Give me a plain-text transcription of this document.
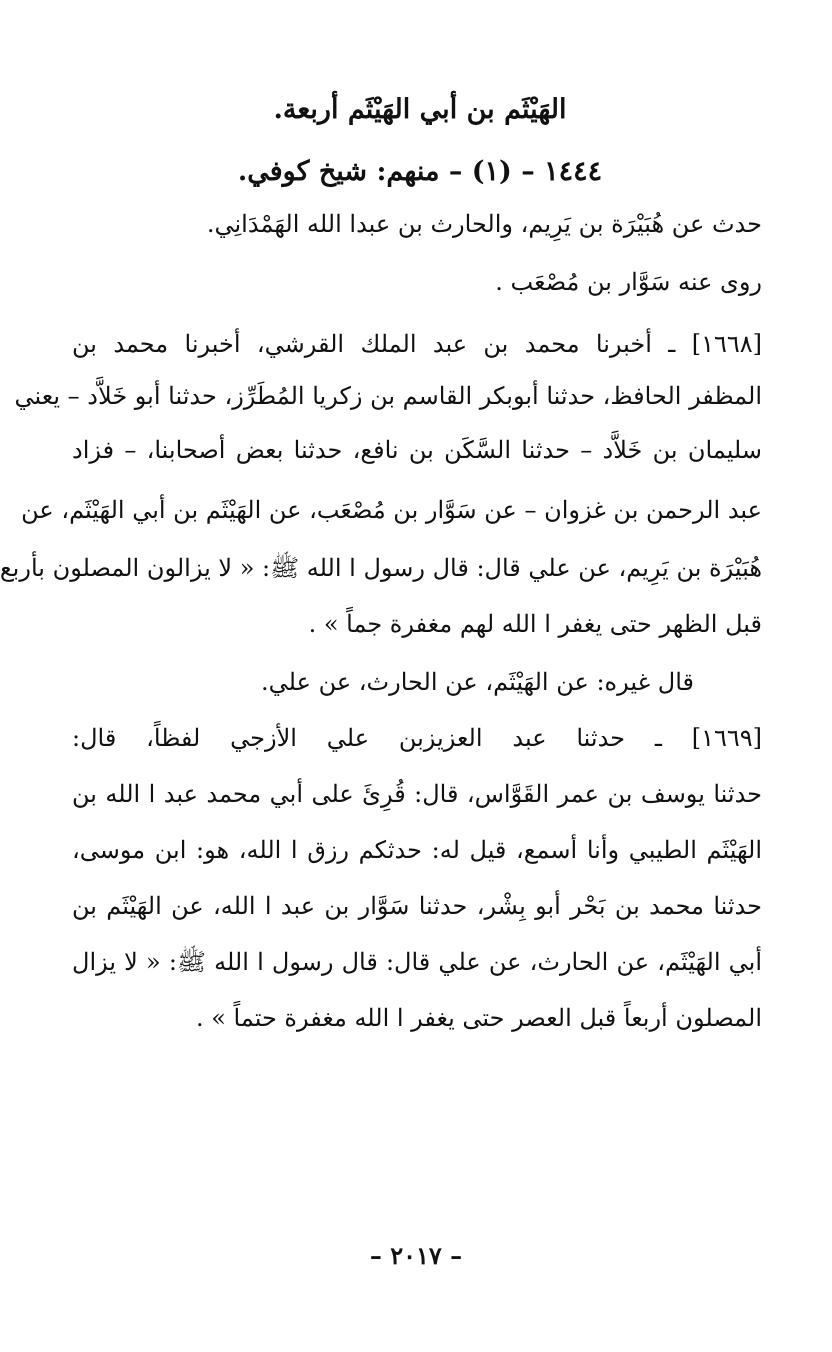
الهَيْثَم بن أبي الهَيْثَم أربعة.
١٤٤٤ – (١) – منهم: شيخ كوفي.
حدث عن هُبَيْرَة بن يَرِيم، والحارث بن عبدا الله الهَمْدَانِي.
روى عنه سَوَّار بن مُصْعَب .
[١٦٦٨] ـ أخبرنا محمد بن عبد الملك القرشي، أخبرنا محمد بن
المظفر الحافظ، حدثنا أبوبكر القاسم بن زكريا المُطَرِّز، حدثنا أبو خَلاَّد – يعني
سليمان بن خَلاَّد – حدثنا السَّكَن بن نافع، حدثنا بعض أصحابنا، – فزاد
عبد الرحمن بن غزوان – عن سَوَّار بن مُصْعَب، عن الهَيْثَم بن أبي الهَيْثَم، عن
هُبَيْرَة بن يَرِيم، عن علي قال: قال رسول ا الله ﷺ: « لا يزالون المصلون بأربع
قبل الظهر حتى يغفر ا الله لهم مغفرة جماً » .
قال غيره: عن الهَيْثَم، عن الحارث، عن علي.
[١٦٦٩] ـ حدثنا عبد العزيزبن علي الأزجي لفظاً، قال:
حدثنا يوسف بن عمر القَوَّاس، قال: قُرِئَ على أبي محمد عبد ا الله بن
الهَيْثَم الطيبي وأنا أسمع، قيل له: حدثكم رزق ا الله، هو: ابن موسى،
حدثنا محمد بن بَحْر أبو بِشْر، حدثنا سَوَّار بن عبد ا الله، عن الهَيْثَم بن
أبي الهَيْثَم، عن الحارث، عن علي قال: قال رسول ا الله ﷺ: « لا يزال
المصلون أربعاً قبل العصر حتى يغفر ا الله مغفرة حتماً » .
– ٢٠١٧ –
